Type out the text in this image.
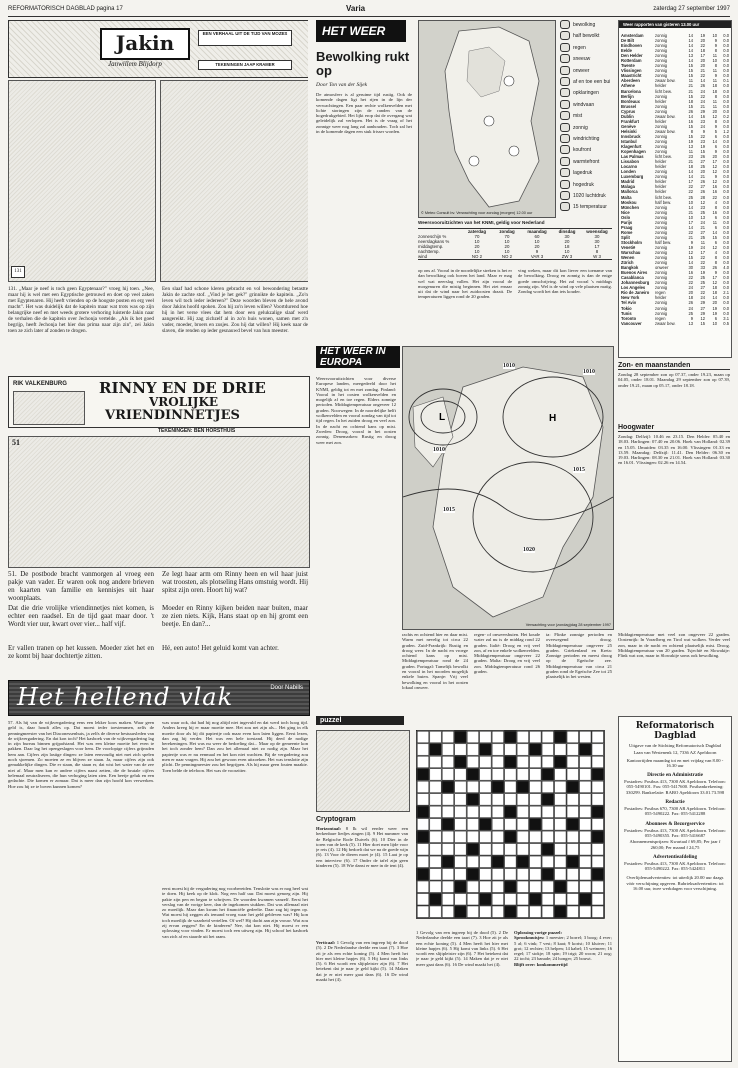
REFORMATORISCH DAGBLAD pagina 17	Varia	zaterdag 27 september 1997
Jakin	EEN VERHAAL UIT DE TIJD VAN MOZES
Janwillem Blijdorp	TEKENINGEN JAAP KRAMER
131
131. „Maar je neef is toch geen Egyptenaar?" vroeg hij toen. „Nee, maar hij is wel met een Egyptische getrouwd en doet op veel zaken met Egyptenaren. Hij heeft vrienden op de hoogste posten en erg veel macht". Het was duidelijk dat de kapitein maar wat trots was op zijn belangrijke neef en met weeds grotere verhoring luisterde Jakin naar de verhalen die de kapitein over Jechonja vertelde. „Als ik het goed begrijp, heeft Jechonja het hier dus prima naar zijn zin", zei Jakin toen ze zich later af zonden te drogen.
Een slaaf had schone kleren gebracht en vol bewondering betastte Jakin de zachte stof. „Vind je het gek?" grinnikte de kapitein. „Zo'n leven wil toch ieder iedereen?" Deze woorden bleven de hele avond door Jakins hoofd spoken. Zou hij zo'n leven willen? Voortdurend hoe hij in het verse vlees dat hem door een gelukzalige slaaf werd aangereikt. Hij zag zichzelf al in zo'n huis wonen, samen met z'n vader, moeder, broers en zusjes. Zou hij dat willen? Hij keek naar de slaven, die renden op ieder gesnauwd bevel van hun meester.
RIK VALKENBURG RINNY EN DE DRIE
VROLIJKE
VRIENDINNETJES
TEKENINGEN: BEN HORSTHUIS
51
51. De postbode bracht vanmorgen al vroeg een pakje van vader. Er waren ook nog andere brieven en kaarten van familie en kennisjes uit haar woonplaats.
Dat die drie vrolijke vriendinnetjes niet komen, is echter een raadsel. En de tijd gaat maar door. 't Wordt vier uur, kwart over vier... half vijf.
Er vallen tranen op het kussen. Moeder ziet het en ze komt bij haar dochtertje zitten.
Ze legt haar arm om Rinny heen en wil haar juist wat troosten, als plotseling Hans omstuig wordt. Hij spitst zijn oren. Hoort hij wat?
Moeder en Rinny kijken beiden naar buiten, maar ze zien niets. Kijk, Hans staat op en hij gromt een beetje. En dan?...
Hé, een auto! Het geluid komt van achter.
Het hellend vlak	Door Nabills
57. Als hij van de wijkvergadering eens een lekker koos maken. Waar geen geld is, daar houdt alles op. Dat moest ieder toestemmen, zelfs de penningmeester van het Diaconessenhuis, ja zelfs de diverse bestuursleden van de wijkvergadering. En dat kon toch? Het kasboek van de wijkvergadering lag in zijn bureau binnen grijpafstand. Het was een kleine moeite het even te pakken. Daar lag het opengeslagen voor hem. De voorlopige cijfers grijnsden hem aan. Cijfers zijn lastige dingen: ze laten eenvoudig niet met zich spelen noch sjoemen. Zo moeten ze en blijven ze staan. Ja, maar cijfers zijn ook gemakkelijke dingen. Die er staan, die staan er, dat wist het water van de zee niet af. Maar men kan er andere cijfers naast zetten, die de brutale cijfers helemaal neutraliseren, die hun verhoging laten zien. Een beetje geluk en een gedachte. Die komen er zomaar. Dat is meer dan zijn hoofd kon verwerken. Hoe zou hij ze te boven kunnen komen?
was waar ook, dat had hij nog altijd niet ingevuld en dat werd toch hoog tijd. Anders kreeg hij er maar moeite mee. Het zou net zijn als... Het ging in elk moeite door als hij dit papiertje ook maar even kon laten liggen. Eerst lezen, dan zag hij verder. Het was een hele toestand. Hij deed de nodige berekeningen. Het was nu weer de bedoeling dat... Maar op de gemeente kon het toch zonder hem? Dan zou het allemaal niet zo nodig zijn. Maar het papiertje was er nu eenmaal en het kon niet wachten. Bij de vergadering zou men er naar vragen. Hij zou het gewoon even uitzoeken. Het was tenslotte zijn plicht. De penningmeester zou het begrijpen. Als hij maar geen fouten maakte. Toen belde de telefoon. Het was de voorzitter.
eerst moest hij de vergadering nog voorbereiden. Tenslotte was er nog heel wat te doen. Hij keek op de klok. Nog een half uur. Dat moest genoeg zijn. Hij pakte zijn pen en begon te schrijven. De woorden kwamen vanzelf. Eerst het verslag van de vorige keer, dan de ingekomen stukken. Dat was allemaal niet zo moeilijk. Maar dan kwam het financiële gedeelte. Daar zag hij tegen op. Wat moest hij zeggen als iemand vroeg waar het geld gebleven was? Hij kon toch moeilijk de waarheid vertellen. Of wel? Hij dacht aan zijn vrouw. Wat zou zij ervan zeggen? En de kinderen? Nee, dat kon niet. Hij moest er een oplossing voor vinden. Er moest toch een uitweg zijn. Hij schoof het kasboek van zich af en staarde uit het raam.
HET WEER
Bewolking rukt op
Door Ton van der Sijek
De atmosfeer is al geruime tijd rustig. Ook de komende dagen ligt het rijen in de lijn der verwachtingen. Een paar rechte wolkenvelden met lichte storingen zijn de randen van de hogedrukgebied. Het lijkt erop dat de overgang wat geleidelijk zal verlopen. Het is de vraag of het zonnige weer nog lang zal aanhouden. Toch zal het in de komende dagen een stuk frisser worden.
© Meteo Consult bv. Verwachting voor zondag (morgen) 12.00 uur
bewolking
half bewolkt
regen
sneeuw
onweer
af en toe een bui
opklaringen
windvaan
mist
zonnig
windrichting
koufront
warmtefront
lagedruk
hogedruk
1020 luchtdruk
15 temperatuur
Weersvooruitzichten van het KNMI, geldig voor Nederland
zaterdag	zondag	maandag	dinsdag	woensdag
zonneschijn %	70	70	60	30	30
neerslagkans %	10	10	10	20	30
middagtemp.	20	20	20	18	17
nachttemp.	10	10	9	10	8
wind	NO 2	NO 2	VAR 3	ZW 3	W 3
op ons af. Vooral in de noordelijke streken is het er dan bewolking ook boven het land. Maar er mag wel wat neerslag vallen. Het zijn vooral de morgenuren die mistig beginnen. Het ziet ernaar uit dat de wind naar het zuidoosten draait. De temperaturen liggen rond de 20 graden.
ving weken, maar dit kon liever een toename van de bewolking. Droog en zonnig is dan de enige goede omschrijving. Het zal vooral 's middags zonnig zijn. Wel is de wind op vele plaatsen matig. Zondag wordt het dan iets kouder.
HET WEER IN EUROPA
Weersvooruitzichten voor diverse Europese landen, meegedeeld door het KNMI, geldig tot en met zondag. Finland: Vooral in het oosten wolkenvelden en mogelijk af en toe regen. Elders zonnige perioden. Middagtemperatuur ongeveer 12 graden. Noorwegen: In de noordelijke helft wolkenvelden en vooral zondag van tijd tot tijd regen. In het zuiden droog en veel zon. In de nacht en ochtend kans op mist. Zweden: Droog, vooral in het oosten zonnig. Denemarken: Rustig en droog weer met zon.
L	H
1010
1010
1015
1020
1015
1010
Verwachting voor (zondag)dag 28 september 1997
rachts en ochtend hier en daar mist. Warm met nevelig tot circa 22 graden. Zuid-Frankrijk: Rustig en droog weer. In de nacht en vroege ochtend kans op mist. Middagtemperatuur rond de 24 graden. Portugal: Tamelijk bewolkt en vooral in het noorden mogelijk enkele buien. Spanje: Vrij veel bewolking en vooral in het oosten lokaal onweer.
regen- of onweersbuien. Het koude water zal nu is de middag rond 22 graden. Italië: Droog en vrij veel zon, af en toe enkele wolkenvelden. Middagtemperatuur ongeveer 22 graden. Malta: Droog en vrij veel zon. Middagtemperatuur rond 26 graden.
ta: Flinke zonnige perioden en overwegend droog. Middagtemperatuur ongeveer 25 graden. Griekenland en Kreta: Zonnige perioden en meest droog op de Egeïsche zee. Middagtemperatuur van circa 21 graden rond de Egeïsche Zee tot 25 plaatselijk in het westen.
Weer rapporten van gisteren 13.00 uur
Amsterdam	zonnig	14	19	10	0.0
De Bilt	zonnig	14	20	9	0.0
Eindhoven	zonnig	14	22	9	0.0
Eelde	zonnig	14	18	8	0.0
Den Helder	zonnig	13	17	11	0.0
Rotterdam	zonnig	14	20	10	0.0
Twente	zonnig	15	20	8	0.0
Vlissingen	zonnig	15	21	11	0.0
Maastricht	zonnig	15	22	9	0.0
Aberdeen	zwaar bew.	11	14	11	0.1
Athene	helder	21	26	18	0.0
Barcelona	licht bew.	21	24	18	0.0
Berlijn	zonnig	15	22	8	0.0
Bordeaux	helder	18	24	11	0.0
Brussel	zonnig	15	21	11	0.0
Cyprus	zonnig	26	29	20	0.0
Dublin	zwaar bew.	14	16	12	0.2
Frankfurt	helder	16	23	8	0.0
Genève	zonnig	15	24	9	0.0
Helsinki	zwaar bew.	8	9	5	1.2
Innsbruck	zonnig	15	22	6	0.0
Istanbul	zonnig	19	23	14	0.0
Klagenfurt	zonnig	13	19	6	0.0
Kopenhagen	zonnig	11	15	9	0.0
Las Palmas	licht bew.	23	26	20	0.0
Lissabon	helder	21	27	17	0.0
Locarno	helder	18	25	12	0.0
Londen	zonnig	14	20	12	0.0
Luxemburg	zonnig	14	21	9	0.0
Madrid	helder	17	26	12	0.0
Malaga	helder	22	27	16	0.0
Mallorca	helder	22	26	16	0.0
Malta	licht bew.	25	28	22	0.0
Moskou	half bew.	10	12	4	0.0
München	zonnig	14	23	8	0.0
Nice	zonnig	21	25	16	0.0
Oslo	zonnig	10	13	6	0.0
Parijs	zonnig	17	24	11	0.0
Praag	zonnig	14	21	6	0.0
Rome	zonnig	22	27	14	0.0
Split	zonnig	21	25	15	0.0
Stockholm	half bew.	9	11	6	0.0
Venetië	zonnig	19	24	12	0.0
Warschau	zonnig	12	17	4	0.0
Wenen	zonnig	15	22	8	0.0
Zürich	zonnig	14	22	8	0.0
Bangkok	onweer	30	33	26	4.0
Buenos Aires	zonnig	16	19	9	0.0
Casablanca	zonnig	22	25	17	0.0
Johannesburg	zonnig	22	25	12	0.0
Los Angeles	zonnig	24	27	18	0.0
Rio de Janeiro	regen	20	22	18	2.1
New York	helder	18	24	14	0.0
Tel Aviv	zonnig	26	29	20	0.0
Tokio	zonnig	24	27	19	0.0
Tunis	zonnig	25	29	19	0.0
Toronto	regen	9	12	6	3.1
Vancouver	zwaar bew.	13	15	10	0.5
Zon- en maanstanden
Zondag 28 september zon op 07.37, onder 19.23, maan op 04.05, onder 18.01. Maandag 29 september zon op 07.39, onder 19.21, maan op 05.17, onder 18.18.
Hoogwater
Zondag: Delfzijl: 10.46 en 23.15. Den Helder: 05.40 en 18.03. Harlingen: 07.40 en 20.06. Hoek van Holland: 02.39 en 15.05. IJmuiden: 03.35 en 16.00. Vlissingen: 01.33 en 13.59. Maandag: Delfzijl: 11.41. Den Helder: 06.30 en 19.03. Harlingen: 08.30 en 21.01. Hoek van Holland: 03.30 en 16.01. Vlissingen: 02.26 en 14.54.
Middagtemperatuur met veel zon ongeveer 22 graden. Oostenrijk: In Vorarlberg en Tirol wat wolken. Verder veel zon, maar in de nacht en ochtend plaatselijk mist. Droog. Middagtemperatuur van 20 graden. Tsjechië en Slowakije: Flink wat zon, maar in Slowakije soms ook bewolking.
puzzel
Cryptogram
Horizontaal: 8 Ik wil eerder weer een herkenbare liedjes zingen (4). 9 Het nummer van de Belgische Rode Duivels (6). 10 Dier in de toren van de kerk (5). 11 Hier doet men lijde voor je reis (4). 12 Hij bedoelt dat we na de goede wijn (6). 13 Voor de dieren moet je (4). 15 Laat je op een interview (6). 17 Onder de tafel zijn geen kinderen (5). 18 Wie danst er mee in de tent (4).
Verticaal: 1 Gevolg van een ingreep bij de dood (5). 2 De Nederlandse deelde een taart (7). 3 Hoe zit je als een echte koning (5). 4 Men heeft het hier met kleine hapjes (6). 5 Hij komt van links (5). 6 Het wordt een slijtpleister zijn (6). 7 Het betekent dat je naar je geld kijkt (5). 14 Maken dat je er niet meer gaat dans (6). 16 De wind maakt het (4).
1 Gevolg van een ingreep bij de dood (5). 2 De Nederlandse deelde een taart (7). 3 Hoe zit je als een echte koning (5). 4 Men heeft het hier met kleine hapjes (6). 5 Hij komt van links (5). 6 Het wordt een slijtpleister zijn (6). 7 Het betekent dat je naar je geld kijkt (5). 14 Maken dat je er niet meer gaat dans (6). 16 De wind maakt het (4).
Oplossing vorige puzzel:
Sprookmuisjes: 1 meester; 2 borrel; 3 boog; 4 ever; 5 al; 6 vink; 7 vest; 8 kaat; 9 korist; 10 kluiver; 11 grot; 12 rechter; 13 helpen; 14 kabel; 15 wetmeer; 16 regel; 17 stokje; 18 spin; 19 trigt; 20 woon; 21 oog; 22 tocht; 23 banade; 24 honger; 25 bouwt.
Blijft over: konkommertijd
Reformatorisch Dagblad
Uitgave van de Stichting Reformatorisch Dagblad
Laan van Westenenk 12, 7336 AZ Apeldoorn
Kantoortijden maandag tot en met vrijdag van 8.00 - 16.30 uur
Directie en Administratie
Postadres: Postbus 413, 7300 AK Apeldoorn. Telefoon: 055-5490101. Fax: 055-5417600. Postbankrekening: 330299. Bankrelatie: RABO Apeldoorn 33.01.73.598
Redactie
Postadres: Postbus 670, 7300 AR Apeldoorn. Telefoon: 055-5490222. Fax: 055-5412288
Abonnees & Bezorgservice
Postadres: Postbus 413, 7300 AK Apeldoorn. Telefoon: 055-5490355. Fax: 055-5416687
Abonnementsprijzen: Kwartaal f 69,85; Per jaar f 260,00; Per maand f 24,75
Advertentieafdeling
Postadres: Postbus 413, 7300 AK Apeldoorn. Telefoon: 055-5490222. Fax: 055-5424811
Overlijdensadvertenties: tot uiterlijk 20.00 uur daags vóór verschijning opgeven. Rubrieksadvertenties: tot 16.00 uur, twee werkdagen voor verschijning.
